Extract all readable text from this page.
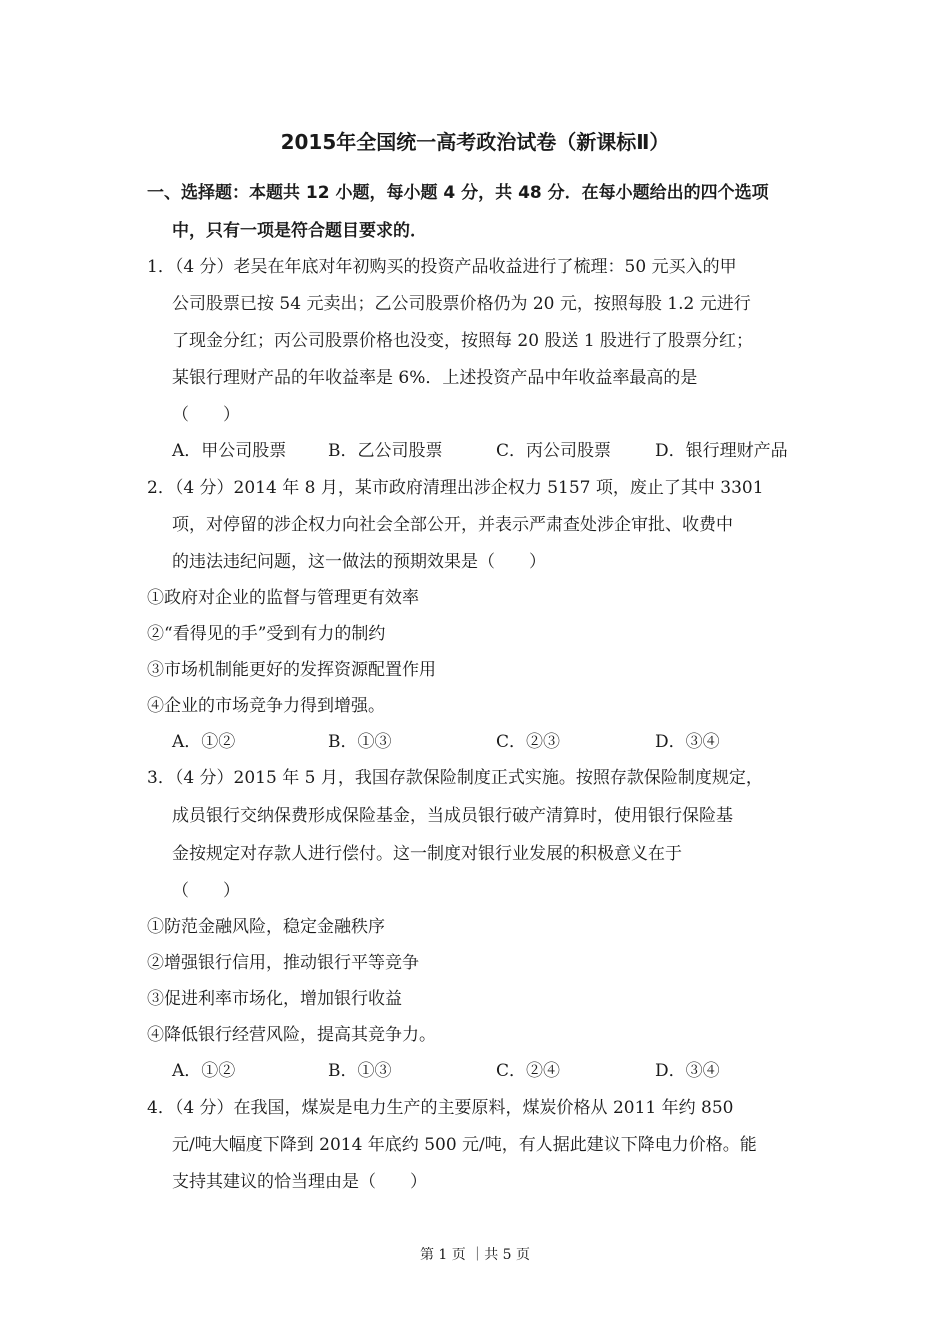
2015年全国统一高考政治试卷（新课标Ⅱ）
一、选择题：本题共 12 小题，每小题 4 分，共 48 分．在每小题给出的四个选项
中，只有一项是符合题目要求的．
1．（4 分）老吴在年底对年初购买的投资产品收益进行了梳理：50 元买入的甲
公司股票已按 54 元卖出；乙公司股票价格仍为 20 元，按照每股 1.2 元进行
了现金分红；丙公司股票价格也没变，按照每 20 股送 1 股进行了股票分红；
某银行理财产品的年收益率是 6%．上述投资产品中年收益率最高的是
（　　）
A．甲公司股票 B．乙公司股票	C．丙公司股票	D．银行理财产品
2．（4 分）2014 年 8 月，某市政府清理出涉企权力 5157 项，废止了其中 3301
项，对停留的涉企权力向社会全部公开，并表示严肃查处涉企审批、收费中
的违法违纪问题，这一做法的预期效果是（　　）
①政府对企业的监督与管理更有效率
②“看得见的手”受到有力的制约
③市场机制能更好的发挥资源配置作用
④企业的市场竞争力得到增强。
A．①②	B．①③	C．②③	D．③④
3．（4 分）2015 年 5 月，我国存款保险制度正式实施。按照存款保险制度规定，
成员银行交纳保费形成保险基金，当成员银行破产清算时，使用银行保险基
金按规定对存款人进行偿付。这一制度对银行业发展的积极意义在于
（　　）
①防范金融风险，稳定金融秩序
②增强银行信用，推动银行平等竞争
③促进利率市场化，增加银行收益
④降低银行经营风险，提高其竞争力。
A．①②	B．①③	C．②④	D．③④
4．（4 分）在我国，煤炭是电力生产的主要原料，煤炭价格从 2011 年约 850
元/吨大幅度下降到 2014 年底约 500 元/吨，有人据此建议下降电力价格。能
支持其建议的恰当理由是（　　）
第 1 页 ｜共 5 页
